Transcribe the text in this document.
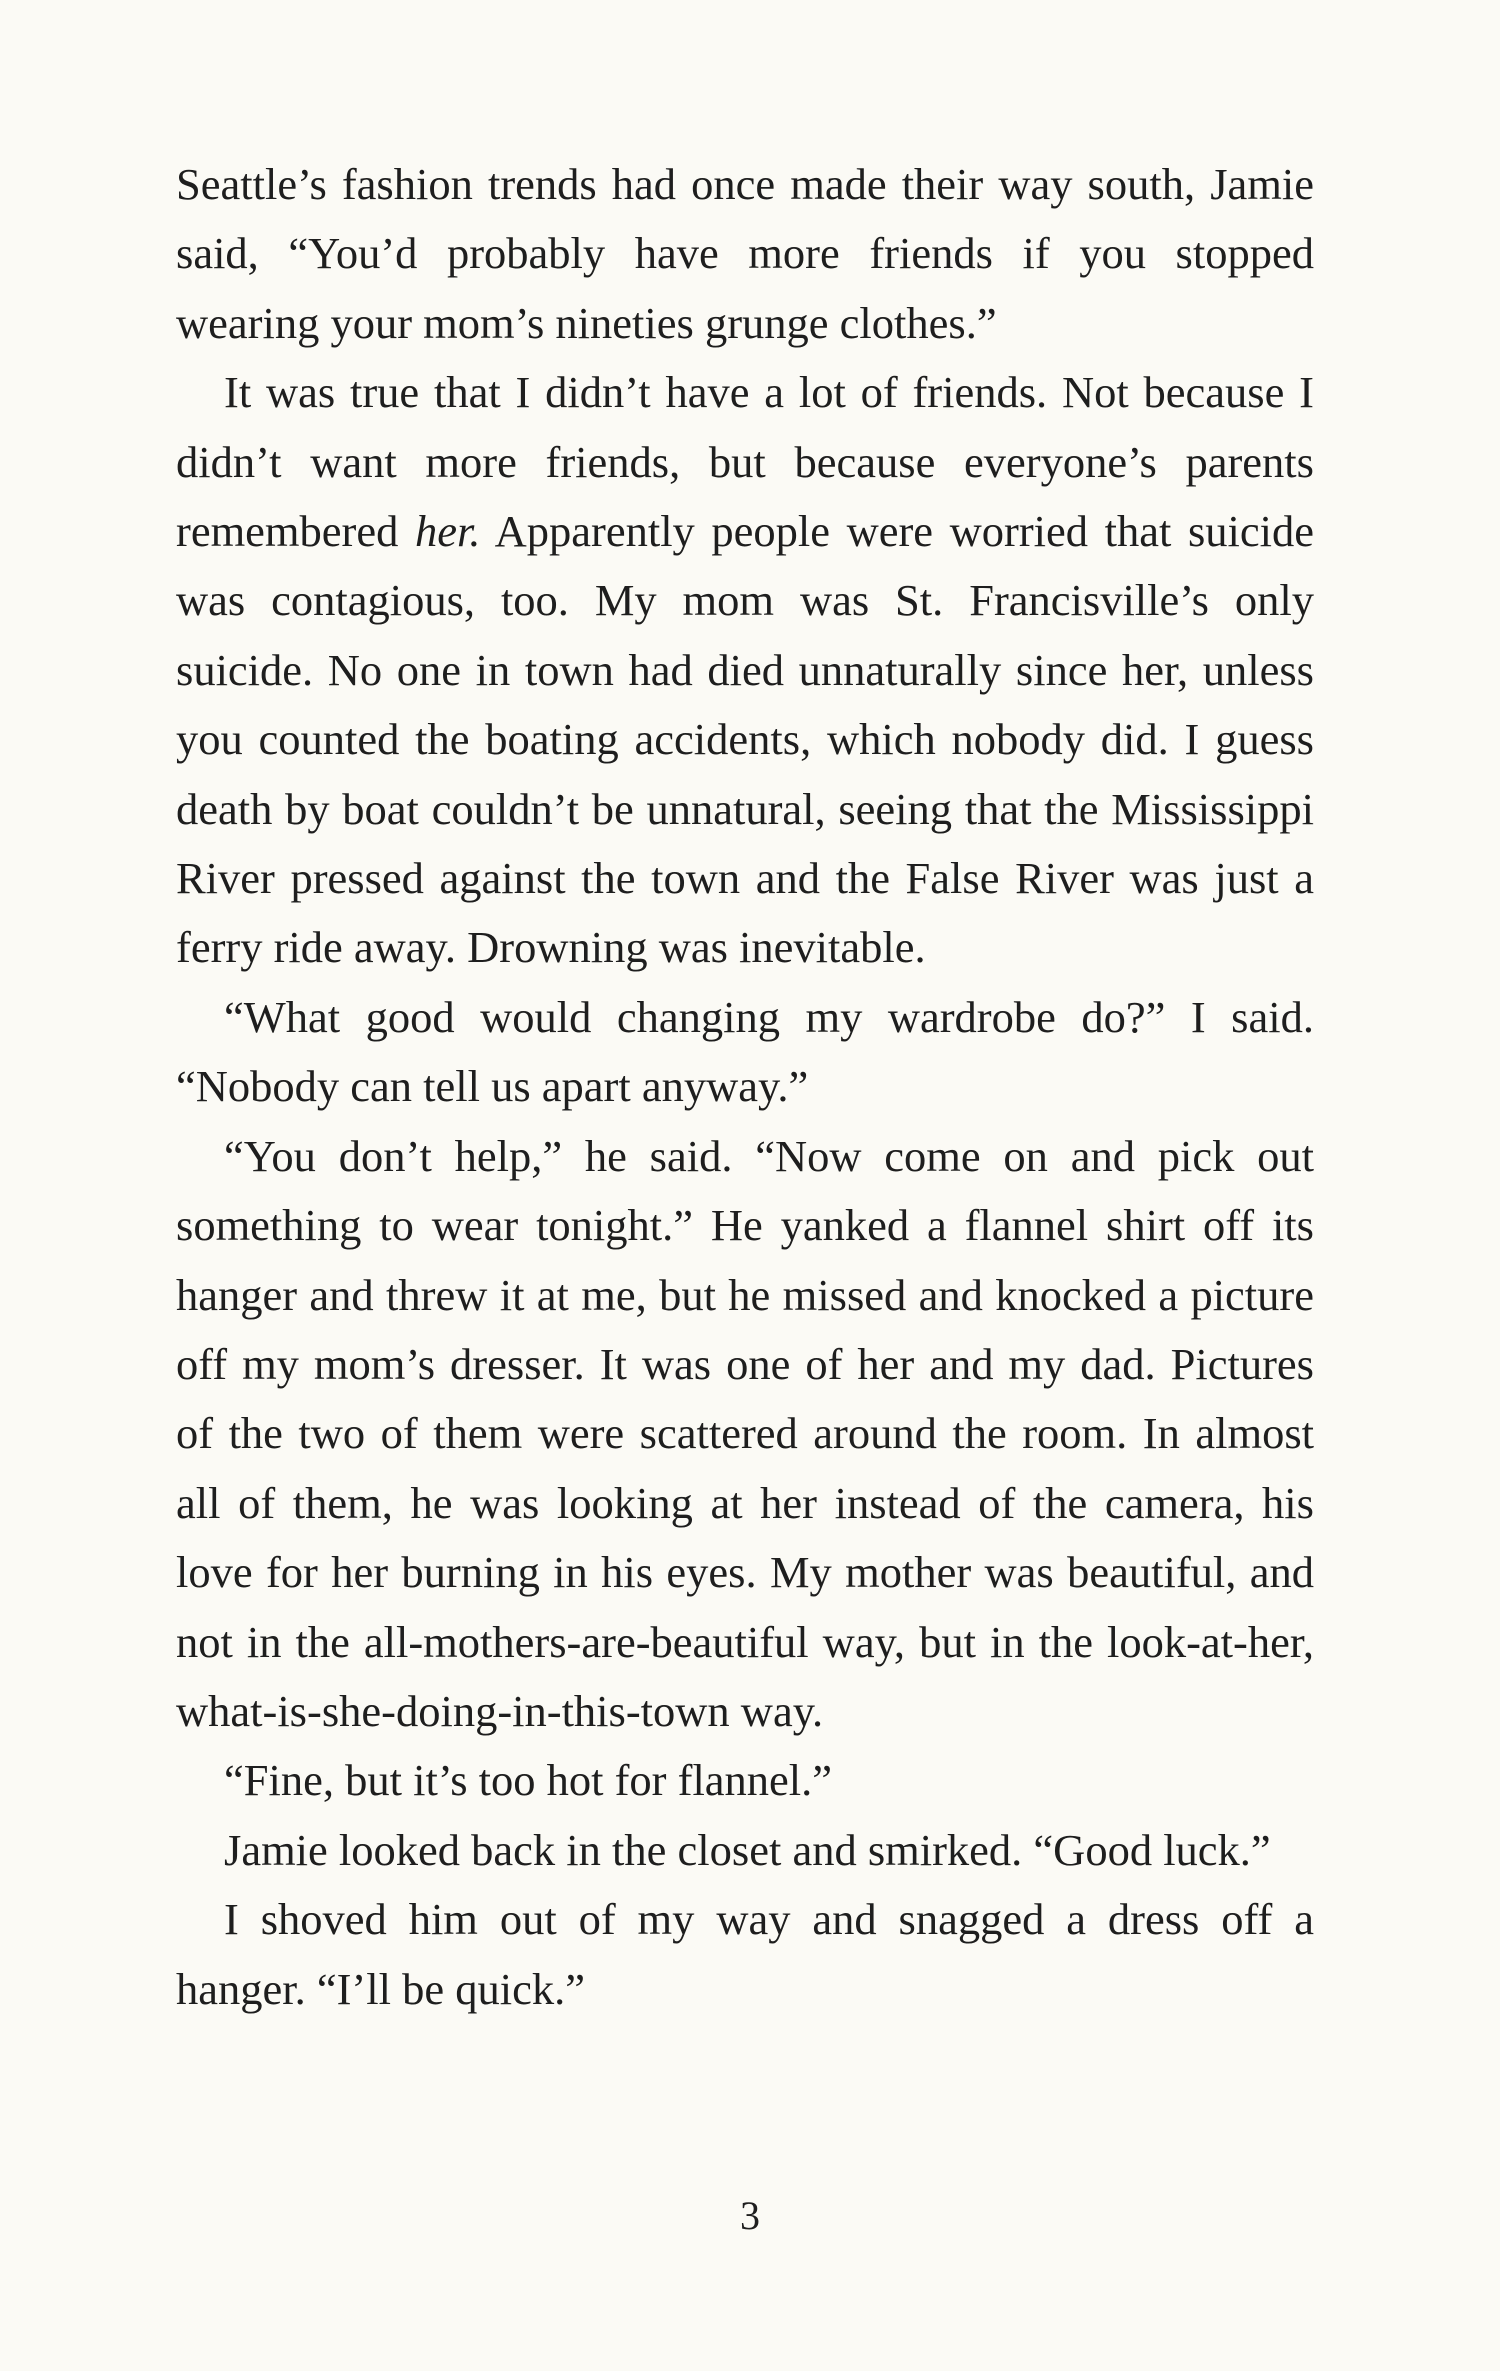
Seattle’s fashion trends had once made their way south, Jamie said, “You’d probably have more friends if you stopped wearing your mom’s nineties grunge clothes.”

It was true that I didn’t have a lot of friends. Not because I didn’t want more friends, but because everyone’s parents remembered her. Apparently people were worried that suicide was contagious, too. My mom was St. Francisville’s only suicide. No one in town had died unnaturally since her, unless you counted the boating accidents, which nobody did. I guess death by boat couldn’t be unnatural, seeing that the Mississippi River pressed against the town and the False River was just a ferry ride away. Drowning was inevitable.

“What good would changing my wardrobe do?” I said. “Nobody can tell us apart anyway.”

“You don’t help,” he said. “Now come on and pick out something to wear tonight.” He yanked a flannel shirt off its hanger and threw it at me, but he missed and knocked a picture off my mom’s dresser. It was one of her and my dad. Pictures of the two of them were scattered around the room. In almost all of them, he was looking at her instead of the camera, his love for her burning in his eyes. My mother was beautiful, and not in the all-mothers-are-beautiful way, but in the look-at-her, what-is-she-doing-in-this-town way.

“Fine, but it’s too hot for flannel.”

Jamie looked back in the closet and smirked. “Good luck.”

I shoved him out of my way and snagged a dress off a hanger. “I’ll be quick.”

3
